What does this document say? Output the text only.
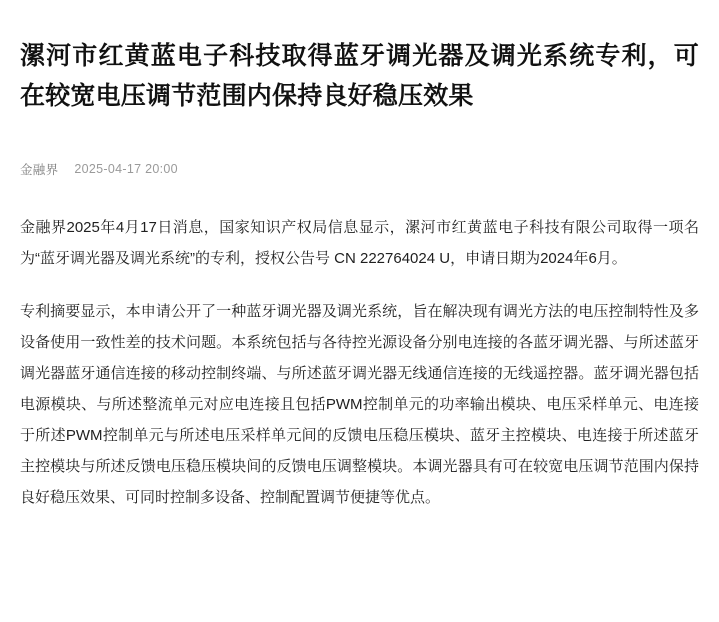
漯河市红黄蓝电子科技取得蓝牙调光器及调光系统专利，可在较宽电压调节范围内保持良好稳压效果
金融界 2025-04-17 20:00

金融界2025年4月17日消息，国家知识产权局信息显示，漯河市红黄蓝电子科技有限公司取得一项名为“蓝牙调光器及调光系统”的专利，授权公告号 CN 222764024 U，申请日期为2024年6月。

专利摘要显示，本申请公开了一种蓝牙调光器及调光系统，旨在解决现有调光方法的电压控制特性及多设备使用一致性差的技术问题。本系统包括与各待控光源设备分别电连接的各蓝牙调光器、与所述蓝牙调光器蓝牙通信连接的移动控制终端、与所述蓝牙调光器无线通信连接的无线遥控器。蓝牙调光器包括电源模块、与所述整流单元对应电连接且包括PWM控制单元的功率输出模块、电压采样单元、电连接于所述PWM控制单元与所述电压采样单元间的反馈电压稳压模块、蓝牙主控模块、电连接于所述蓝牙主控模块与所述反馈电压稳压模块间的反馈电压调整模块。本调光器具有可在较宽电压调节范围内保持良好稳压效果、可同时控制多设备、控制配置调节便捷等优点。
